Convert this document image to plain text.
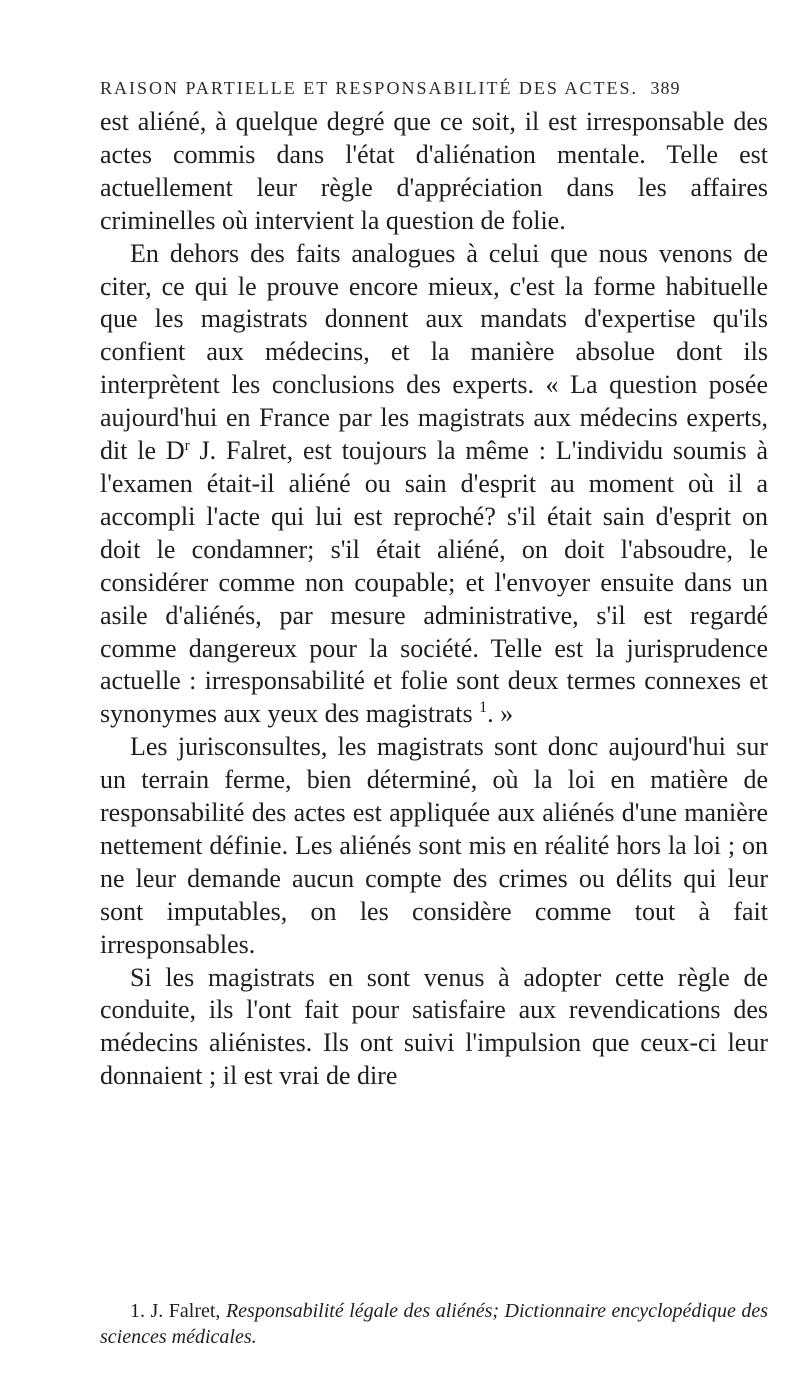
RAISON PARTIELLE ET RESPONSABILITÉ DES ACTES. 389

est aliéné, à quelque degré que ce soit, il est irresponsable des actes commis dans l'état d'aliénation mentale. Telle est actuellement leur règle d'appréciation dans les affaires criminelles où intervient la question de folie.

En dehors des faits analogues à celui que nous venons de citer, ce qui le prouve encore mieux, c'est la forme habituelle que les magistrats donnent aux mandats d'expertise qu'ils confient aux médecins, et la manière absolue dont ils interprètent les conclusions des experts. « La question posée aujourd'hui en France par les magistrats aux médecins experts, dit le $D^r$ J. Falret, est toujours la même : L'individu soumis à l'examen était-il aliéné ou sain d'esprit au moment où il a accompli l'acte qui lui est reproché? s'il était sain d'esprit on doit le condamner; s'il était aliéné, on doit l'absoudre, le considérer comme non coupable; et l'envoyer ensuite dans un asile d'aliénés, par mesure administrative, s'il est regardé comme dangereux pour la société. Telle est la jurisprudence actuelle : irresponsabilité et folie sont deux termes connexes et synonymes aux yeux des magistrats $^1$. »

Les jurisconsultes, les magistrats sont donc aujourd'hui sur un terrain ferme, bien déterminé, où la loi en matière de responsabilité des actes est appliquée aux aliénés d'une manière nettement définie. Les aliénés sont mis en réalité hors la loi ; on ne leur demande aucun compte des crimes ou délits qui leur sont imputables, on les considère comme tout à fait irresponsables.

Si les magistrats en sont venus à adopter cette règle de conduite, ils l'ont fait pour satisfaire aux revendications des médecins aliénistes. Ils ont suivi l'impulsion que ceux-ci leur donnaient ; il est vrai de dire

1. J. Falret, Responsabilité légale des aliénés; Dictionnaire encyclopédique des sciences médicales.
